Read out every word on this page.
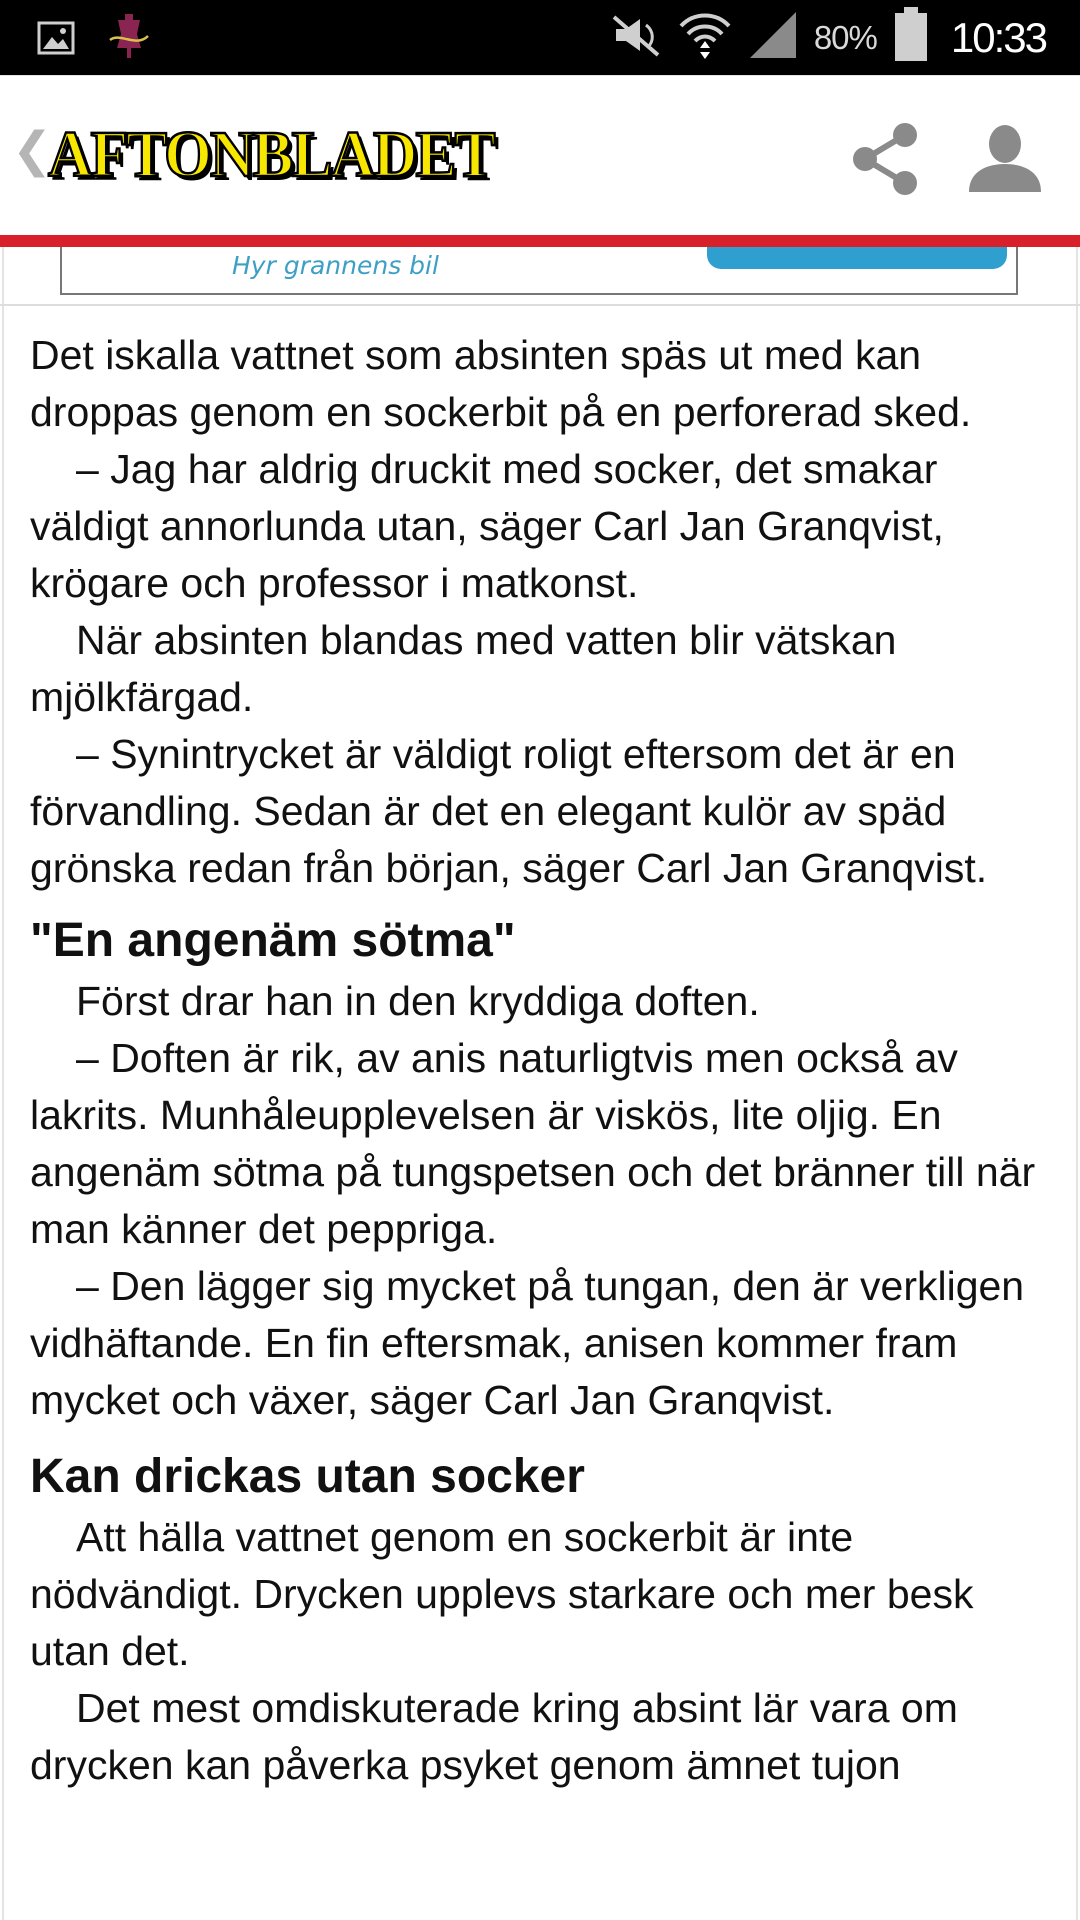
80% 10:33
❮
AFTONBLADET
Hyr grannens bil

Det iskalla vattnet som absinten späs ut med kan droppas genom en sockerbit på en perforerad sked.

– Jag har aldrig druckit med socker, det smakar väldigt annorlunda utan, säger Carl Jan Granqvist, krögare och professor i matkonst.

När absinten blandas med vatten blir vätskan mjölkfärgad.

– Synintrycket är väldigt roligt eftersom det är en förvandling. Sedan är det en elegant kulör av späd grönska redan från början, säger Carl Jan Granqvist.

"En angenäm sötma"

Först drar han in den kryddiga doften.

– Doften är rik, av anis naturligtvis men också av lakrits. Munhåleupplevelsen är viskös, lite oljig. En angenäm sötma på tungspetsen och det bränner till när man känner det peppriga.

– Den lägger sig mycket på tungan, den är verkligen vidhäftande. En fin eftersmak, anisen kommer fram mycket och växer, säger Carl Jan Granqvist.

Kan drickas utan socker

Att hälla vattnet genom en sockerbit är inte nödvändigt. Drycken upplevs starkare och mer besk utan det.

Det mest omdiskuterade kring absint lär vara om drycken kan påverka psyket genom ämnet tujon
